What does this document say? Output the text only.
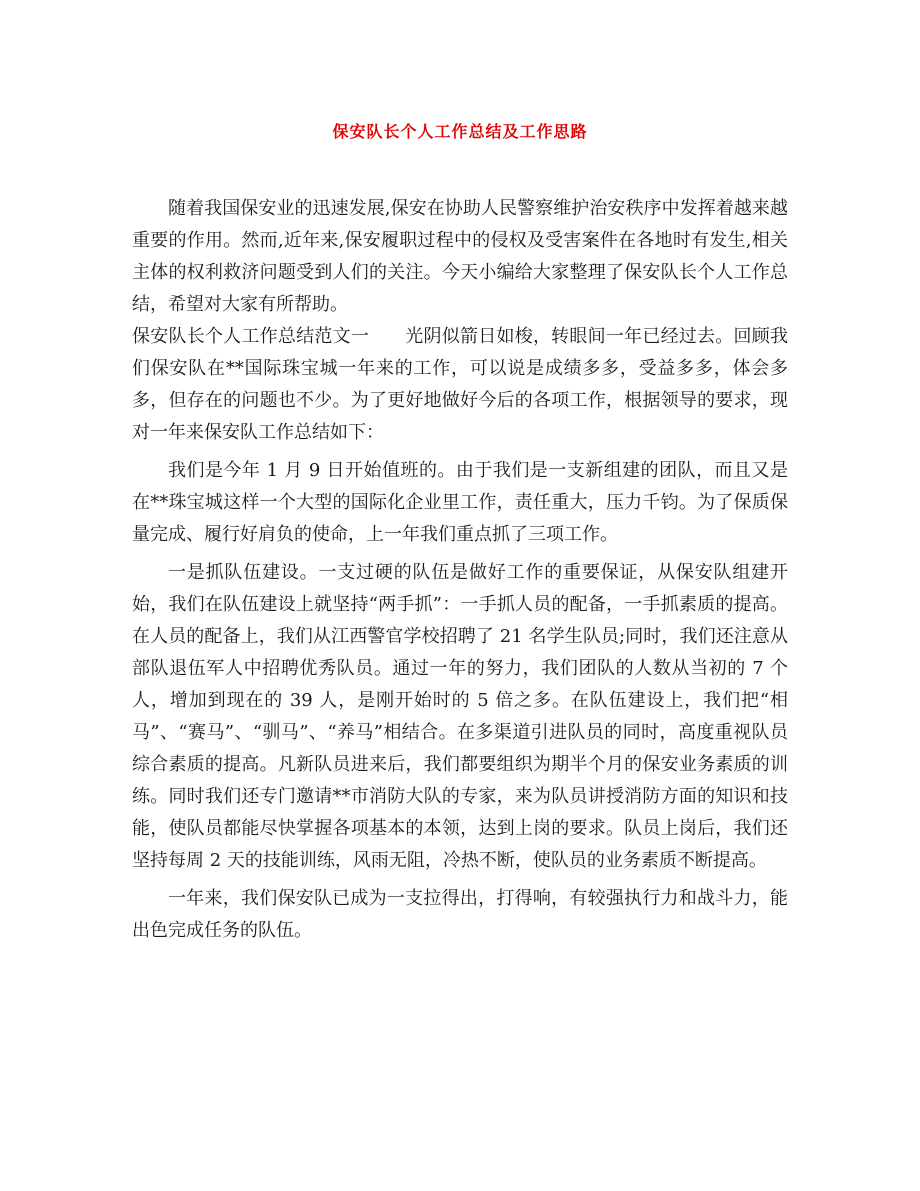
保安队长个人工作总结及工作思路

随着我国保安业的迅速发展,保安在协助人民警察维护治安秩序中发挥着越来越重要的作用。然而,近年来,保安履职过程中的侵权及受害案件在各地时有发生,相关主体的权利救济问题受到人们的关注。今天小编给大家整理了保安队长个人工作总结，希望对大家有所帮助。

保安队长个人工作总结范文一 光阴似箭日如梭，转眼间一年已经过去。回顾我们保安队在**国际珠宝城一年来的工作，可以说是成绩多多，受益多多，体会多多，但存在的问题也不少。为了更好地做好今后的各项工作，根据领导的要求，现对一年来保安队工作总结如下：

我们是今年 1 月 9 日开始值班的。由于我们是一支新组建的团队，而且又是在**珠宝城这样一个大型的国际化企业里工作，责任重大，压力千钧。为了保质保量完成、履行好肩负的使命，上一年我们重点抓了三项工作。

一是抓队伍建设。一支过硬的队伍是做好工作的重要保证，从保安队组建开始，我们在队伍建设上就坚持“两手抓”：一手抓人员的配备，一手抓素质的提高。在人员的配备上，我们从江西警官学校招聘了 21 名学生队员;同时，我们还注意从部队退伍军人中招聘优秀队员。通过一年的努力，我们团队的人数从当初的 7 个人，增加到现在的 39 人，是刚开始时的 5 倍之多。在队伍建设上，我们把“相马”、“赛马”、“驯马”、“养马”相结合。在多渠道引进队员的同时，高度重视队员综合素质的提高。凡新队员进来后，我们都要组织为期半个月的保安业务素质的训练。同时我们还专门邀请**市消防大队的专家，来为队员讲授消防方面的知识和技能，使队员都能尽快掌握各项基本的本领，达到上岗的要求。队员上岗后，我们还坚持每周 2 天的技能训练，风雨无阻，冷热不断，使队员的业务素质不断提高。

一年来，我们保安队已成为一支拉得出，打得响，有较强执行力和战斗力，能出色完成任务的队伍。
